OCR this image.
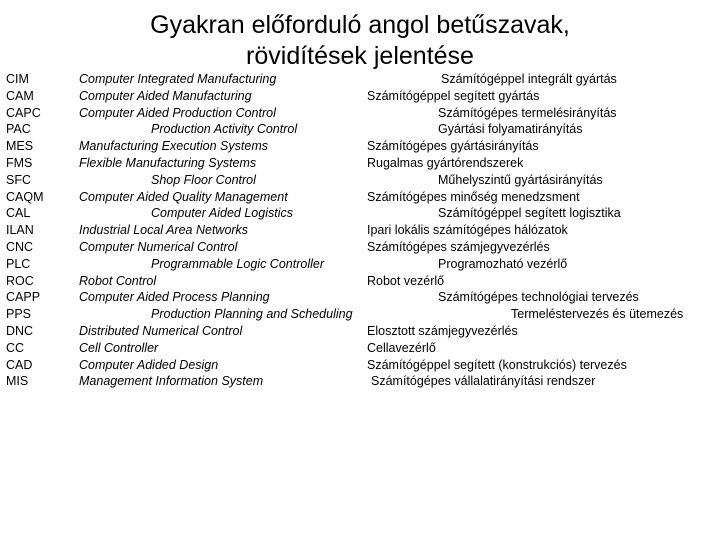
Gyakran előforduló angol betűszavak,
rövidítések jelentése
CIM	Computer Integrated Manufacturing	Számítógéppel integrált gyártás
CAM	Computer Aided Manufacturing	Számítógéppel segített gyártás
CAPC	Computer Aided Production Control	Számítógépes termelésirányítás
PAC	Production Activity Control	Gyártási folyamatirányítás
MES	Manufacturing Execution Systems	Számítógépes gyártásirányítás
FMS	Flexible Manufacturing Systems	Rugalmas gyártórendszerek
SFC	Shop Floor Control	Műhelyszintű gyártásirányítás
CAQM	Computer Aided Quality Management	Számítógépes minőség menedzsment
CAL	Computer Aided Logistics	Számítógéppel segített logisztika
ILAN	Industrial Local Area Networks	Ipari lokális számítógépes hálózatok
CNC	Computer Numerical Control	Számítógépes számjegyvezérlés
PLC	Programmable Logic Controller	Programozható vezérlő
ROC	Robot Control	Robot vezérlő
CAPP	Computer Aided Process Planning	Számítógépes technológiai tervezés
PPS	Production Planning and Scheduling	Termeléstervezés és ütemezés
DNC	Distributed Numerical Control	Elosztott számjegyvezérlés
CC	Cell Controller	Cellavezérlő
CAD	Computer Adided Design	Számítógéppel segített (konstrukciós) tervezés
MIS	Management Information System	Számítógépes vállalatirányítási rendszer
